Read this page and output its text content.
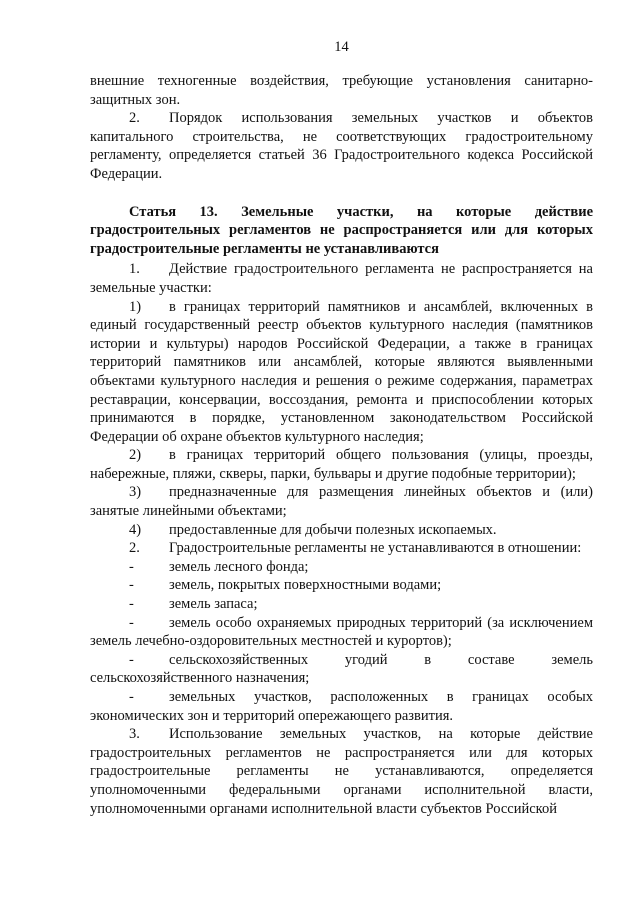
14

внешние техногенные воздействия, требующие установления санитарно-защитных зон.

2. Порядок использования земельных участков и объектов капитального строительства, не соответствующих градостроительному регламенту, определяется статьей 36 Градостроительного кодекса Российской Федерации.

Статья 13. Земельные участки, на которые действие градостроительных регламентов не распространяется или для которых градостроительные регламенты не устанавливаются

1. Действие градостроительного регламента не распространяется на земельные участки:

1) в границах территорий памятников и ансамблей, включенных в единый государственный реестр объектов культурного наследия (памятников истории и культуры) народов Российской Федерации, а также в границах территорий памятников или ансамблей, которые являются выявленными объектами культурного наследия и решения о режиме содержания, параметрах реставрации, консервации, воссоздания, ремонта и приспособлении которых принимаются в порядке, установленном законодательством Российской Федерации об охране объектов культурного наследия;

2) в границах территорий общего пользования (улицы, проезды, набережные, пляжи, скверы, парки, бульвары и другие подобные территории);

3) предназначенные для размещения линейных объектов и (или) занятые линейными объектами;

4) предоставленные для добычи полезных ископаемых.

2. Градостроительные регламенты не устанавливаются в отношении:

- земель лесного фонда;

- земель, покрытых поверхностными водами;

- земель запаса;

- земель особо охраняемых природных территорий (за исключением земель лечебно-оздоровительных местностей и курортов);

- сельскохозяйственных угодий в составе земель сельскохозяйственного назначения;

- земельных участков, расположенных в границах особых экономических зон и территорий опережающего развития.

3. Использование земельных участков, на которые действие градостроительных регламентов не распространяется или для которых градостроительные регламенты не устанавливаются, определяется уполномоченными федеральными органами исполнительной власти, уполномоченными органами исполнительной власти субъектов Российской
